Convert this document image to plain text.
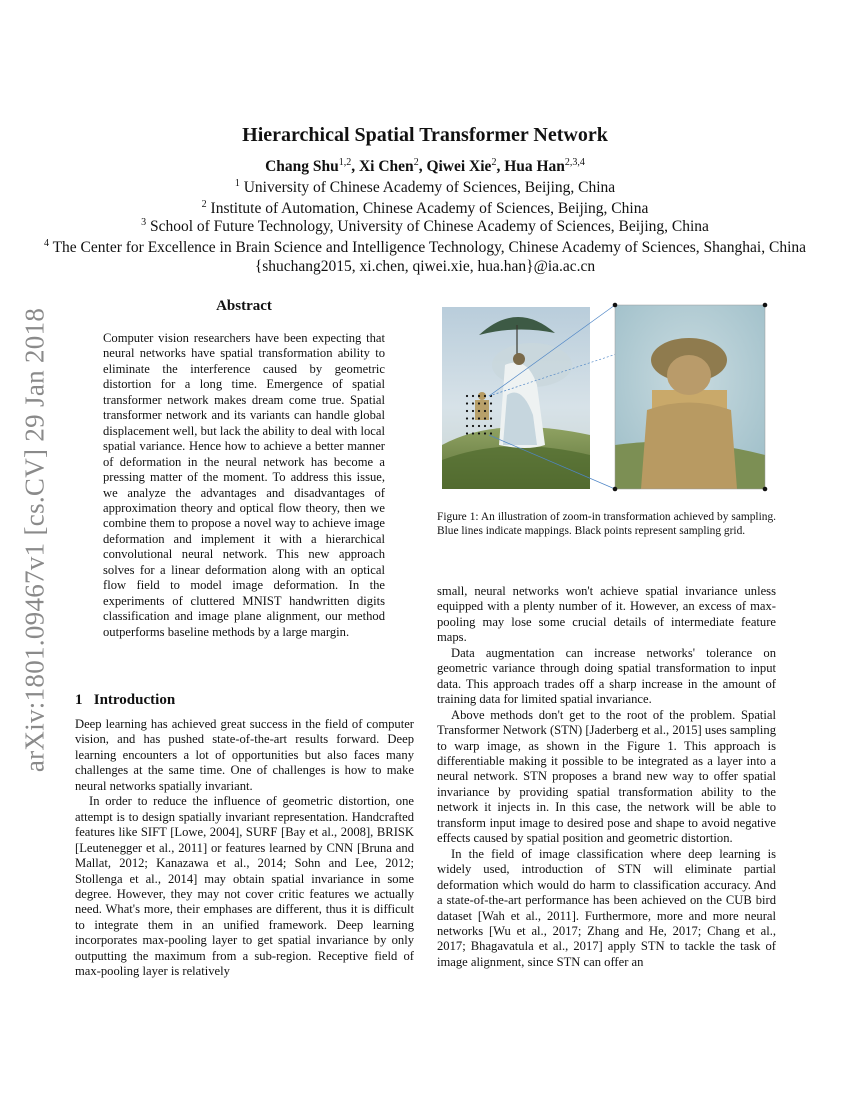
arXiv:1801.09467v1 [cs.CV] 29 Jan 2018
Hierarchical Spatial Transformer Network
Chang Shu$^{1,2}$, Xi Chen$^2$, Qiwei Xie$^2$, Hua Han$^{2,3,4}$
$^1$ University of Chinese Academy of Sciences, Beijing, China
$^2$ Institute of Automation, Chinese Academy of Sciences, Beijing, China
$^3$ School of Future Technology, University of Chinese Academy of Sciences, Beijing, China
$^4$ The Center for Excellence in Brain Science and Intelligence Technology, Chinese Academy of Sciences, Shanghai, China
{shuchang2015, xi.chen, qiwei.xie, hua.han}@ia.ac.cn
Abstract

Computer vision researchers have been expecting that neural networks have spatial transformation ability to eliminate the interference caused by geometric distortion for a long time. Emergence of spatial transformer network makes dream come true. Spatial transformer network and its variants can handle global displacement well, but lack the ability to deal with local spatial variance. Hence how to achieve a better manner of deformation in the neural network has become a pressing matter of the moment. To address this issue, we analyze the advantages and disadvantages of approximation theory and optical flow theory, then we combine them to propose a novel way to achieve image deformation and implement it with a hierarchical convolutional neural network. This new approach solves for a linear deformation along with an optical flow field to model image deformation. In the experiments of cluttered MNIST handwritten digits classification and image plane alignment, our method outperforms baseline methods by a large margin.

1   Introduction

Deep learning has achieved great success in the field of computer vision, and has pushed state-of-the-art results forward. Deep learning encounters a lot of opportunities but also faces many challenges at the same time. One of challenges is how to make neural networks spatially invariant.

In order to reduce the influence of geometric distortion, one attempt is to design spatially invariant representation. Handcrafted features like SIFT [Lowe, 2004], SURF [Bay et al., 2008], BRISK [Leutenegger et al., 2011] or features learned by CNN [Bruna and Mallat, 2012; Kanazawa et al., 2014; Sohn and Lee, 2012; Stollenga et al., 2014] may obtain spatial invariance in some degree. However, they may not cover critic features we actually need. What's more, their emphases are different, thus it is difficult to integrate them in an unified framework. Deep learning incorporates max-pooling layer to get spatial invariance by only outputting the maximum from a sub-region. Receptive field of max-pooling layer is relatively

Figure 1: An illustration of zoom-in transformation achieved by sampling. Blue lines indicate mappings. Black points represent sampling grid.

small, neural networks won't achieve spatial invariance unless equipped with a plenty number of it. However, an excess of max-pooling may lose some crucial details of intermediate feature maps.

Data augmentation can increase networks' tolerance on geometric variance through doing spatial transformation to input data. This approach trades off a sharp increase in the amount of training data for limited spatial invariance.

Above methods don't get to the root of the problem. Spatial Transformer Network (STN) [Jaderberg et al., 2015] uses sampling to warp image, as shown in the Figure 1. This approach is differentiable making it possible to be integrated as a layer into a neural network. STN proposes a brand new way to offer spatial invariance by providing spatial transformation ability to the network it injects in. In this case, the network will be able to transform input image to desired pose and shape to avoid negative effects caused by spatial position and geometric distortion.

In the field of image classification where deep learning is widely used, introduction of STN will eliminate partial deformation which would do harm to classification accuracy. And a state-of-the-art performance has been achieved on the CUB bird dataset [Wah et al., 2011]. Furthermore, more and more neural networks [Wu et al., 2017; Zhang and He, 2017; Chang et al., 2017; Bhagavatula et al., 2017] apply STN to tackle the task of image alignment, since STN can offer an
